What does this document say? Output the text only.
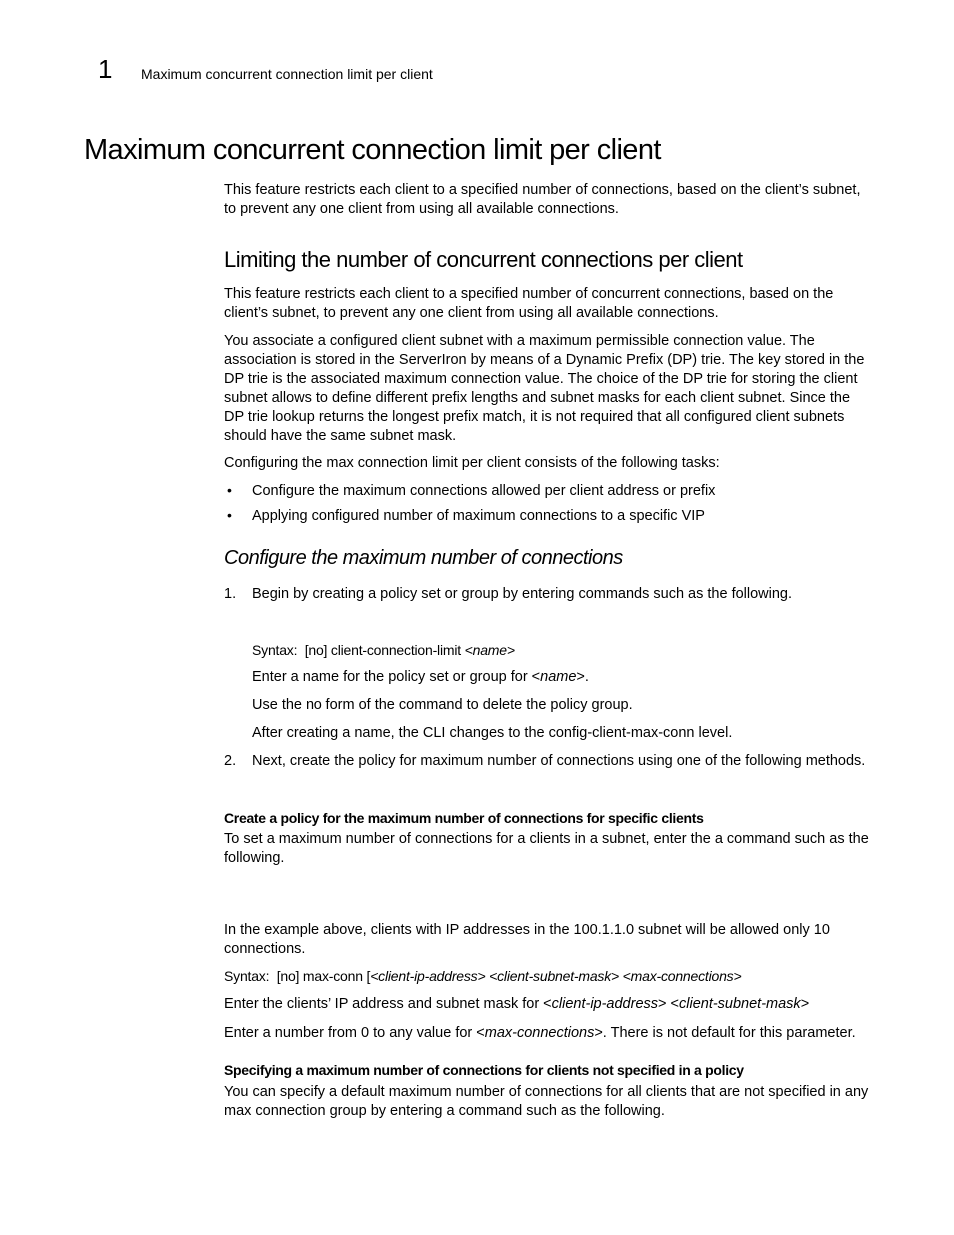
1 Maximum concurrent connection limit per client
Maximum concurrent connection limit per client
This feature restricts each client to a specified number of connections, based on the client’s subnet, to prevent any one client from using all available connections.
Limiting the number of concurrent connections per client
This feature restricts each client to a specified number of concurrent connections, based on the client’s subnet, to prevent any one client from using all available connections.
You associate a configured client subnet with a maximum permissible connection value. The association is stored in the ServerIron by means of a Dynamic Prefix (DP) trie. The key stored in the DP trie is the associated maximum connection value. The choice of the DP trie for storing the client subnet allows to define different prefix lengths and subnet masks for each client subnet. Since the DP trie lookup returns the longest prefix match, it is not required that all configured client subnets should have the same subnet mask.
Configuring the max connection limit per client consists of the following tasks:
• Configure the maximum connections allowed per client address or prefix
• Applying configured number of maximum connections to a specific VIP
Configure the maximum number of connections
1. Begin by creating a policy set or group by entering commands such as the following.
Syntax: [no] client-connection-limit <name>
Enter a name for the policy set or group for <name>.
Use the no form of the command to delete the policy group.
After creating a name, the CLI changes to the config-client-max-conn level.
2. Next, create the policy for maximum number of connections using one of the following methods.
Create a policy for the maximum number of connections for specific clients
To set a maximum number of connections for a clients in a subnet, enter the a command such as the following.
In the example above, clients with IP addresses in the 100.1.1.0 subnet will be allowed only 10 connections.
Syntax: [no] max-conn [<client-ip-address> <client-subnet-mask> <max-connections>
Enter the clients’ IP address and subnet mask for <client-ip-address> <client-subnet-mask>
Enter a number from 0 to any value for <max-connections>. There is not default for this parameter.
Specifying a maximum number of connections for clients not specified in a policy
You can specify a default maximum number of connections for all clients that are not specified in any max connection group by entering a command such as the following.
